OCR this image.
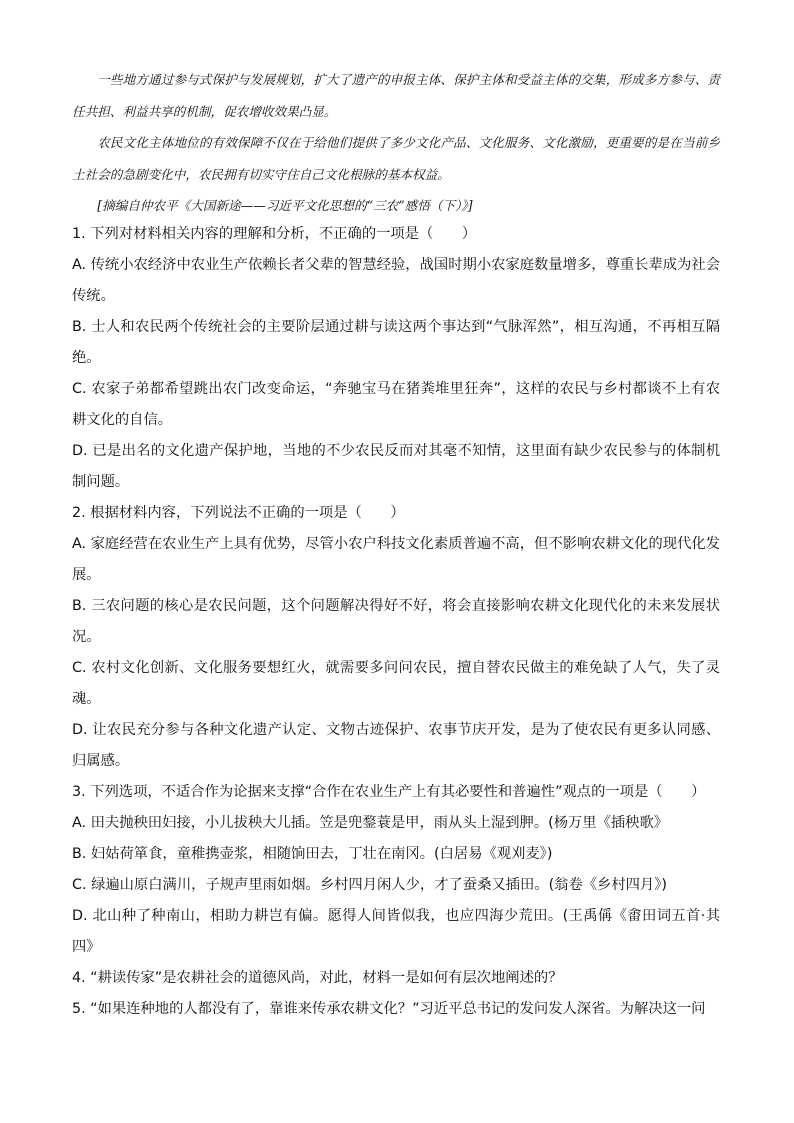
一些地方通过参与式保护与发展规划，扩大了遗产的申报主体、保护主体和受益主体的交集，形成多方参与、责任共担、利益共享的机制，促农增收效果凸显。

农民文化主体地位的有效保障不仅在于给他们提供了多少文化产品、文化服务、文化激励，更重要的是在当前乡土社会的急剧变化中，农民拥有切实守住自己文化根脉的基本权益。

[摘编自仲农平《大国新途——习近平文化思想的“三农”感悟（下）》]

1. 下列对材料相关内容的理解和分析，不正确的一项是（　　）

A. 传统小农经济中农业生产依赖长者父辈的智慧经验，战国时期小农家庭数量增多，尊重长辈成为社会传统。

B. 士人和农民两个传统社会的主要阶层通过耕与读这两个事达到“气脉浑然”，相互沟通，不再相互隔绝。

C. 农家子弟都希望跳出农门改变命运，“奔驰宝马在猪粪堆里狂奔”，这样的农民与乡村都谈不上有农耕文化的自信。

D. 已是出名的文化遗产保护地，当地的不少农民反而对其毫不知情，这里面有缺少农民参与的体制机制问题。

2. 根据材料内容，下列说法不正确的一项是（　　）

A. 家庭经营在农业生产上具有优势，尽管小农户科技文化素质普遍不高，但不影响农耕文化的现代化发展。

B. 三农问题的核心是农民问题，这个问题解决得好不好，将会直接影响农耕文化现代化的未来发展状况。

C. 农村文化创新、文化服务要想红火，就需要多问问农民，擅自替农民做主的难免缺了人气，失了灵魂。

D. 让农民充分参与各种文化遗产认定、文物古迹保护、农事节庆开发，是为了使农民有更多认同感、归属感。

3. 下列选项，不适合作为论据来支撑“合作在农业生产上有其必要性和普遍性”观点的一项是（　　）

A. 田夫抛秧田妇接，小儿拔秧大儿插。笠是兜鍪蓑是甲，雨从头上湿到胛。(杨万里《插秧歌》

B. 妇姑荷箪食，童稚携壶浆，相随饷田去，丁壮在南冈。(白居易《观刈麦》)

C. 绿遍山原白满川，子规声里雨如烟。乡村四月闲人少，才了蚕桑又插田。(翁卷《乡村四月》)

D. 北山种了种南山，相助力耕岂有偏。愿得人间皆似我，也应四海少荒田。(王禹偁《畬田词五首·其四》

4. “耕读传家”是农耕社会的道德风尚，对此，材料一是如何有层次地阐述的？

5. “如果连种地的人都没有了，靠谁来传承农耕文化？”习近平总书记的发问发人深省。为解决这一问
